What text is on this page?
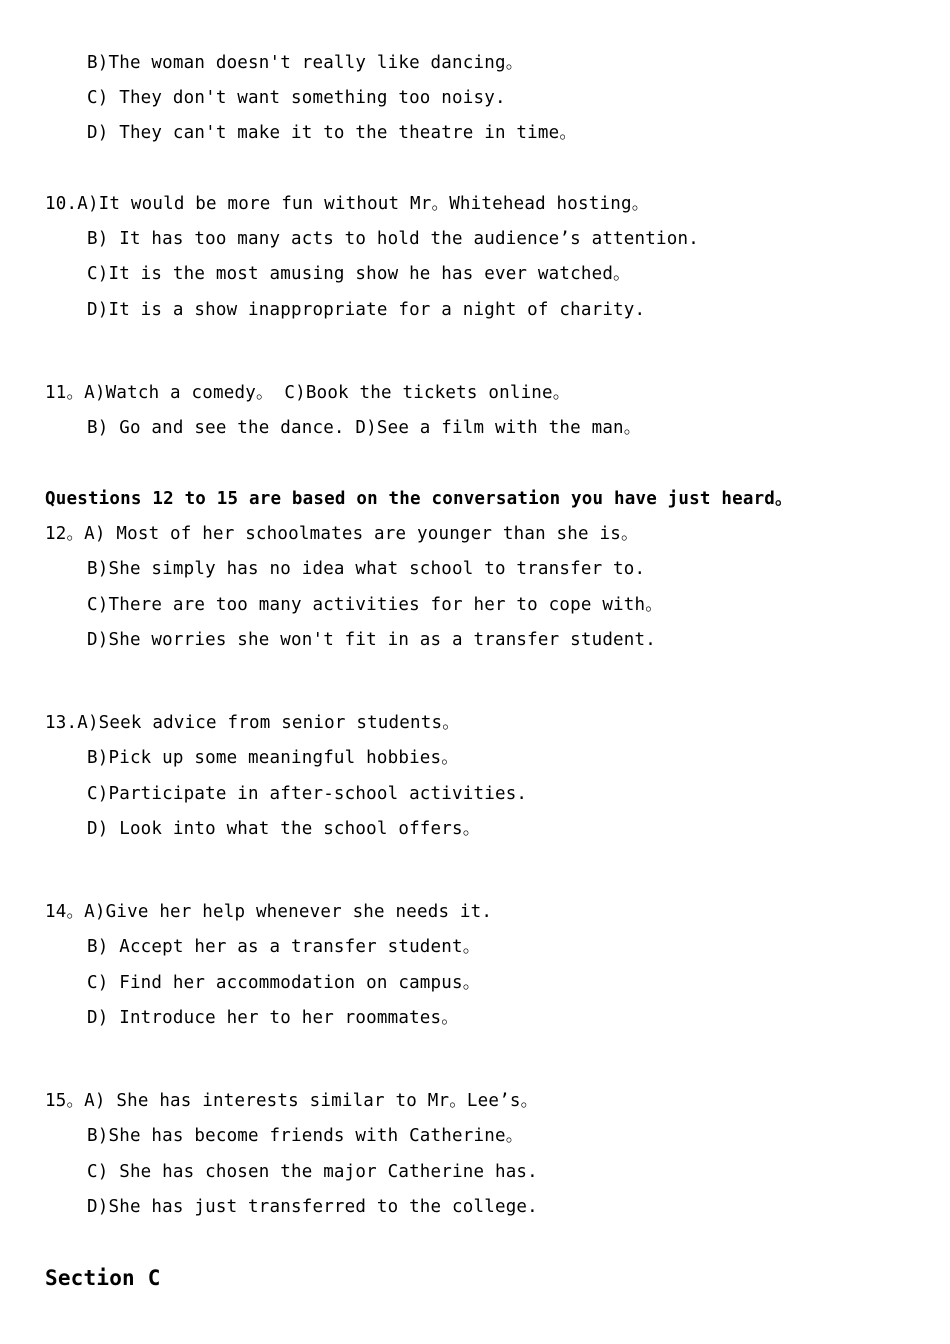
B)The woman doesn't really like dancing。
C) They don't want something too noisy.
D) They can't make it to the theatre in time。
10.A)It would be more fun without Mr。Whitehead hosting。
B) It has too many acts to hold the audience’s attention.
C)It is the most amusing show he has ever watched。
D)It is a show inappropriate for a night of charity.
11。A)Watch a comedy。 C)Book the tickets online。
B) Go and see the dance. D)See a film with the man。
Questions 12 to 15 are based on the conversation you have just heard。
12。A) Most of her schoolmates are younger than she is。
B)She simply has no idea what school to transfer to.
C)There are too many activities for her to cope with。
D)She worries she won't fit in as a transfer student.
13.A)Seek advice from senior students。
B)Pick up some meaningful hobbies。
C)Participate in after-school activities.
D) Look into what the school offers。
14。A)Give her help whenever she needs it.
B) Accept her as a transfer student。
C) Find her accommodation on campus。
D) Introduce her to her roommates。
15。A) She has interests similar to Mr。Lee’s。
B)She has become friends with Catherine。
C) She has chosen the major Catherine has.
D)She has just transferred to the college.
Section C
